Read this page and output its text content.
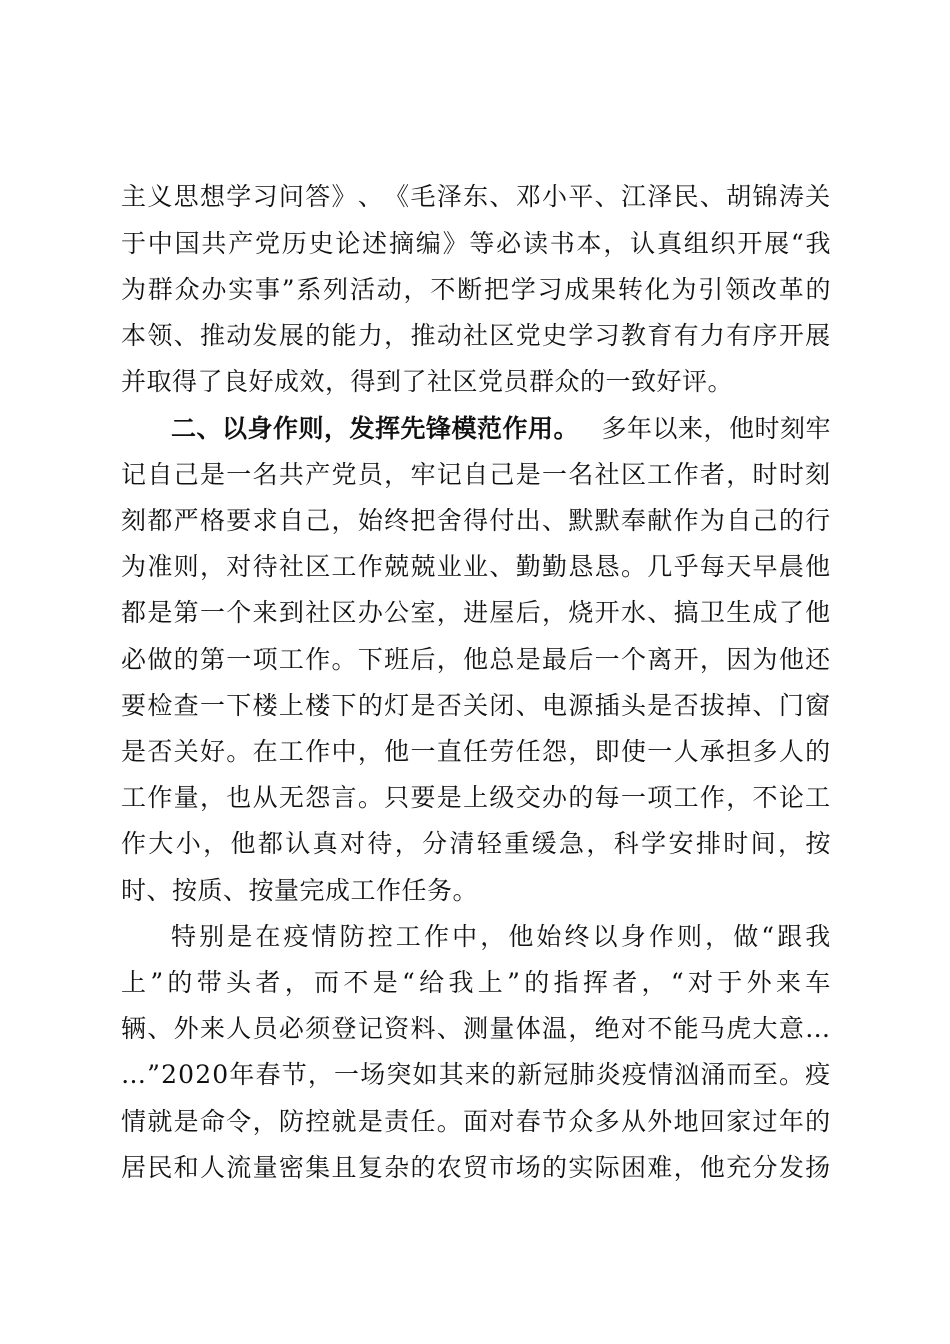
主 义 思 想 学 习 问 答 》 、 《 毛 泽 东 、 邓 小 平 、 江 泽 民 、 胡 锦 涛 关
于 中 国 共 产 党 历 史 论 述 摘 编 》 等 必 读 书 本 ， 认 真 组 织 开 展 “ 我
为 群 众 办 实 事 ” 系 列 活 动 ， 不 断 把 学 习 成 果 转 化 为 引 领 改 革 的
本 领 、 推 动 发 展 的 能 力 ， 推 动 社 区 党 史 学 习 教 育 有 力 有 序 开 展
并取得了良好成效，得到了社区党员群众的一致好评。
二、以身作则，发挥先锋模范作用。 多年以来，他时刻牢
记 自 己 是 一 名 共 产 党 员 ， 牢 记 自 己 是 一 名 社 区 工 作 者 ， 时 时 刻
刻 都 严 格 要 求 自 己 ， 始 终 把 舍 得 付 出 、 默 默 奉 献 作 为 自 己 的 行
为 准 则 ， 对 待 社 区 工 作 兢 兢 业 业 、 勤 勤 恳 恳 。 几 乎 每 天 早 晨 他
都 是 第 一 个 来 到 社 区 办 公 室 ， 进 屋 后 ， 烧 开 水 、 搞 卫 生 成 了 他
必 做 的 第 一 项 工 作 。 下 班 后 ， 他 总 是 最 后 一 个 离 开 ， 因 为 他 还
要 检 查 一 下 楼 上 楼 下 的 灯 是 否 关 闭 、 电 源 插 头 是 否 拔 掉 、 门 窗
是 否 关 好 。 在 工 作 中 ， 他 一 直 任 劳 任 怨 ， 即 使 一 人 承 担 多 人 的
工 作 量 ， 也 从 无 怨 言 。 只 要 是 上 级 交 办 的 每 一 项 工 作 ， 不 论 工
作 大 小 ， 他 都 认 真 对 待 ， 分 清 轻 重 缓 急 ， 科 学 安 排 时 间 ， 按
时、按质、按量完成工作任务。
特 别 是 在 疫 情 防 控 工 作 中 ， 他 始 终 以 身 作 则 ， 做 “ 跟 我
上 ” 的 带 头 者 ， 而 不 是 “ 给 我 上 ” 的 指 挥 者 ， “ 对 于 外 来 车
辆 、 外 来 人 员 必 须 登 记 资 料 、 测 量 体 温 ， 绝 对 不 能 马 虎 大 意 …
… ” 2 0 2 0 年 春 节 ， 一 场 突 如 其 来 的 新 冠 肺 炎 疫 情 汹 涌 而 至 。 疫
情 就 是 命 令 ， 防 控 就 是 责 任 。 面 对 春 节 众 多 从 外 地 回 家 过 年 的
居 民 和 人 流 量 密 集 且 复 杂 的 农 贸 市 场 的 实 际 困 难 ， 他 充 分 发 扬
